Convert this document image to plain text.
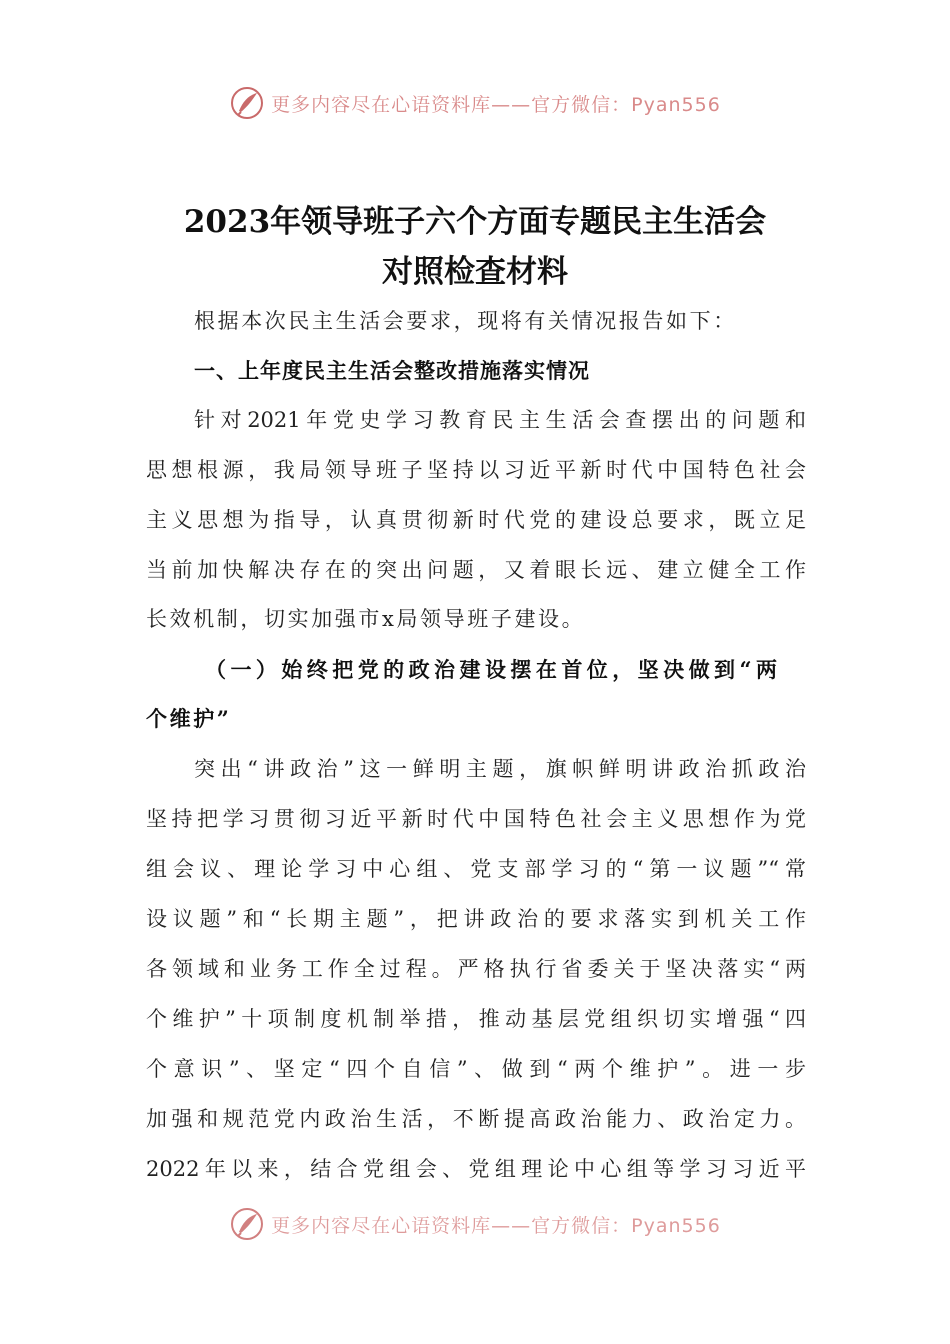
更多内容尽在心语资料库——官方微信：Pyan556
2023年领导班子六个方面专题民主生活会
对照检查材料
根据本次民主生活会要求，现将有关情况报告如下：
一、上年度民主生活会整改措施落实情况
针对2021年党史学习教育民主生活会查摆出的问题和
思想根源，我局领导班子坚持以习近平新时代中国特色社会
主义思想为指导，认真贯彻新时代党的建设总要求，既立足
当前加快解决存在的突出问题，又着眼长远、建立健全工作
长效机制，切实加强市x局领导班子建设。
（一）始终把党的政治建设摆在首位，坚决做到“两
个维护”
突出“讲政治”这一鲜明主题，旗帜鲜明讲政治抓政治
坚持把学习贯彻习近平新时代中国特色社会主义思想作为党
组会议、理论学习中心组、党支部学习的“第一议题”“常
设议题”和“长期主题”，把讲政治的要求落实到机关工作
各领域和业务工作全过程。严格执行省委关于坚决落实“两
个维护”十项制度机制举措，推动基层党组织切实增强“四
个意识”、坚定“四个自信”、做到“两个维护”。进一步
加强和规范党内政治生活，不断提高政治能力、政治定力。
2022年以来，结合党组会、党组理论中心组等学习习近平
更多内容尽在心语资料库——官方微信：Pyan556
